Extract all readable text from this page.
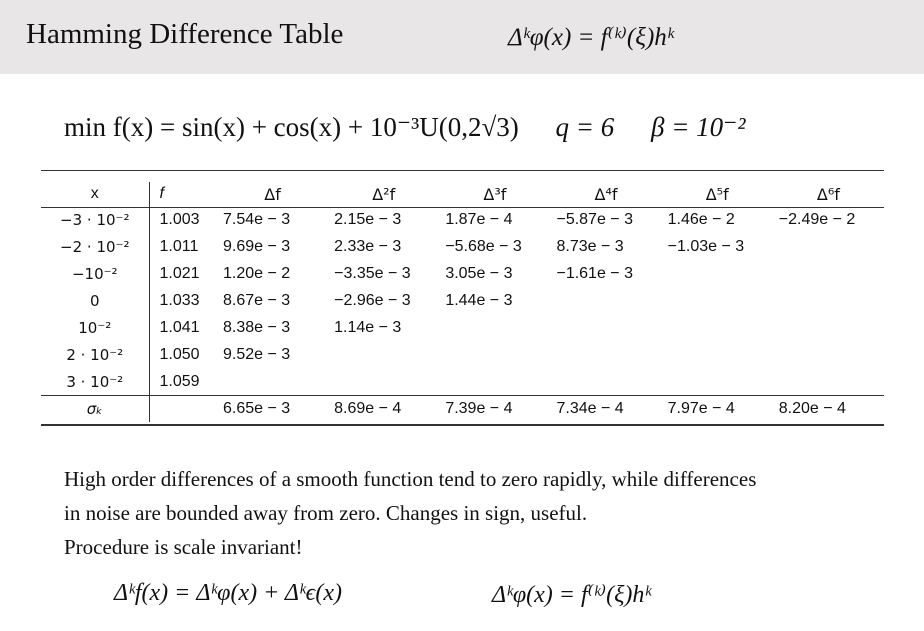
Hamming Difference Table	Δᵏφ(x) = f⁽ᵏ⁾(ξ)hᵏ
min f(x) = sin(x) + cos(x) + 10⁻³U(0,2√3) q = 6 β = 10⁻²
x	f	Δf	Δ²f	Δ³f	Δ⁴f	Δ⁵f	Δ⁶f
−3 · 10⁻²	1.003	7.54e − 3	2.15e − 3	1.87e − 4	−5.87e − 3	1.46e − 2	−2.49e − 2
−2 · 10⁻²	1.011	9.69e − 3	2.33e − 3	−5.68e − 3	8.73e − 3	−1.03e − 3	
−10⁻²	1.021	1.20e − 2	−3.35e − 3	3.05e − 3	−1.61e − 3		
0	1.033	8.67e − 3	−2.96e − 3	1.44e − 3			
10⁻²	1.041	8.38e − 3	1.14e − 3				
2 · 10⁻²	1.050	9.52e − 3					
3 · 10⁻²	1.059						
σₖ		6.65e − 3	8.69e − 4	7.39e − 4	7.34e − 4	7.97e − 4	8.20e − 4
High order differences of a smooth function tend to zero rapidly, while differences
in noise are bounded away from zero. Changes in sign, useful.
Procedure is scale invariant!
Δᵏf(x) = Δᵏφ(x) + Δᵏϵ(x)	Δᵏφ(x) = f⁽ᵏ⁾(ξ)hᵏ
